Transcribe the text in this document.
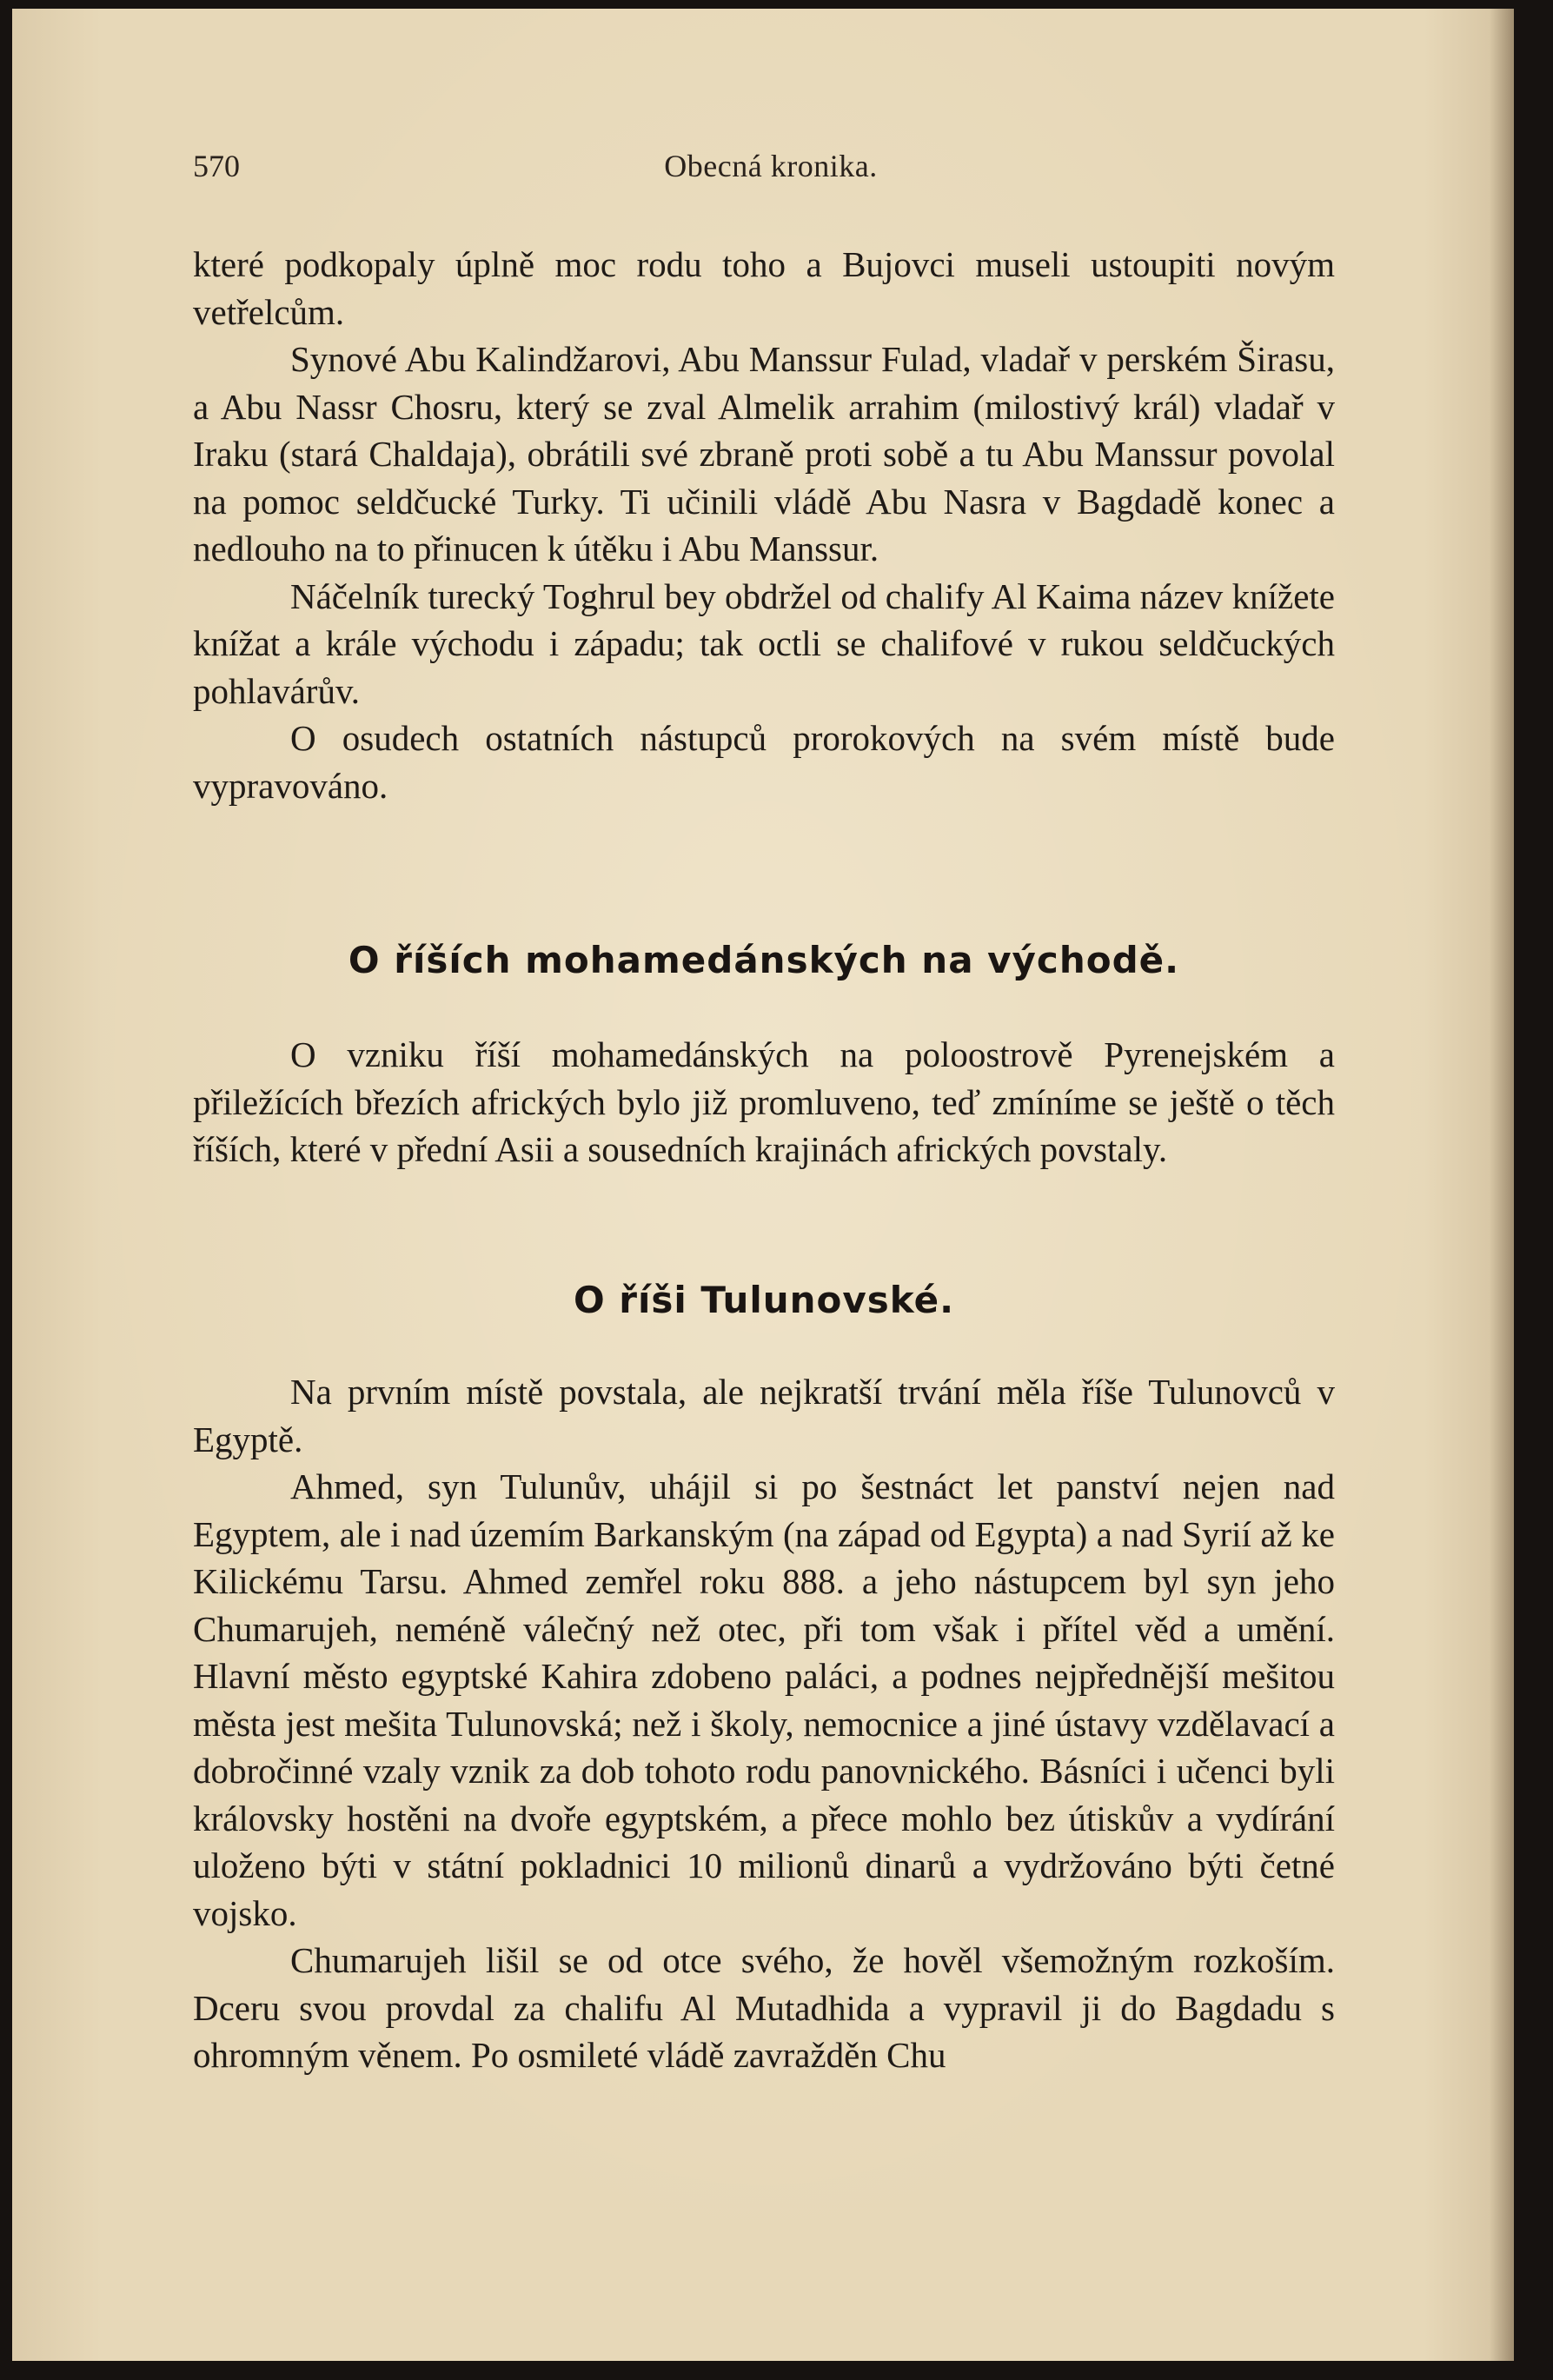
570	Obecná kronika.

které podkopaly úplně moc rodu toho a Bujovci museli ustoupiti novým vetřelcům.

Synové Abu Kalindžarovi, Abu Manssur Fulad, vladař v perském Širasu, a Abu Nassr Chosru, který se zval Almelik arrahim (milostivý král) vladař v Iraku (stará Chaldaja), obrátili své zbraně proti sobě a tu Abu Manssur povolal na pomoc seldčucké Turky. Ti učinili vládě Abu Nasra v Bagdadě konec a nedlouho na to přinucen k útěku i Abu Manssur.

Náčelník turecký Toghrul bey obdržel od chalify Al Kaima název knížete knížat a krále východu i západu; tak octli se chalifové v rukou seldčuckých pohlavárův.

O osudech ostatních nástupců prorokových na svém místě bude vypravováno.

O říších mohamedánských na východě.

O vzniku říší mohamedánských na poloostrově Pyrenejském a přiležících březích afrických bylo již promluveno, teď zmíníme se ještě o těch říších, které v přední Asii a sousedních krajinách afrických povstaly.

O říši Tulunovské.

Na prvním místě povstala, ale nejkratší trvání měla říše Tulunovců v Egyptě.

Ahmed, syn Tulunův, uhájil si po šestnáct let panství nejen nad Egyptem, ale i nad územím Barkanským (na západ od Egypta) a nad Syrií až ke Kilickému Tarsu. Ahmed zemřel roku 888. a jeho nástupcem byl syn jeho Chumarujeh, neméně válečný než otec, při tom však i přítel věd a umění. Hlavní město egyptské Kahira zdobeno paláci, a podnes nejpřednější mešitou města jest mešita Tulunovská; než i školy, nemocnice a jiné ústavy vzdělavací a dobročinné vzaly vznik za dob tohoto rodu panovnického. Básníci i učenci byli královsky hostěni na dvoře egyptském, a přece mohlo bez útiskův a vydírání uloženo býti v státní pokladnici 10 milionů dinarů a vydržováno býti četné vojsko.

Chumarujeh lišil se od otce svého, že hověl všemožným rozkoším. Dceru svou provdal za chalifu Al Mutadhida a vypravil ji do Bagdadu s ohromným věnem. Po osmileté vládě zavražděn Chu
